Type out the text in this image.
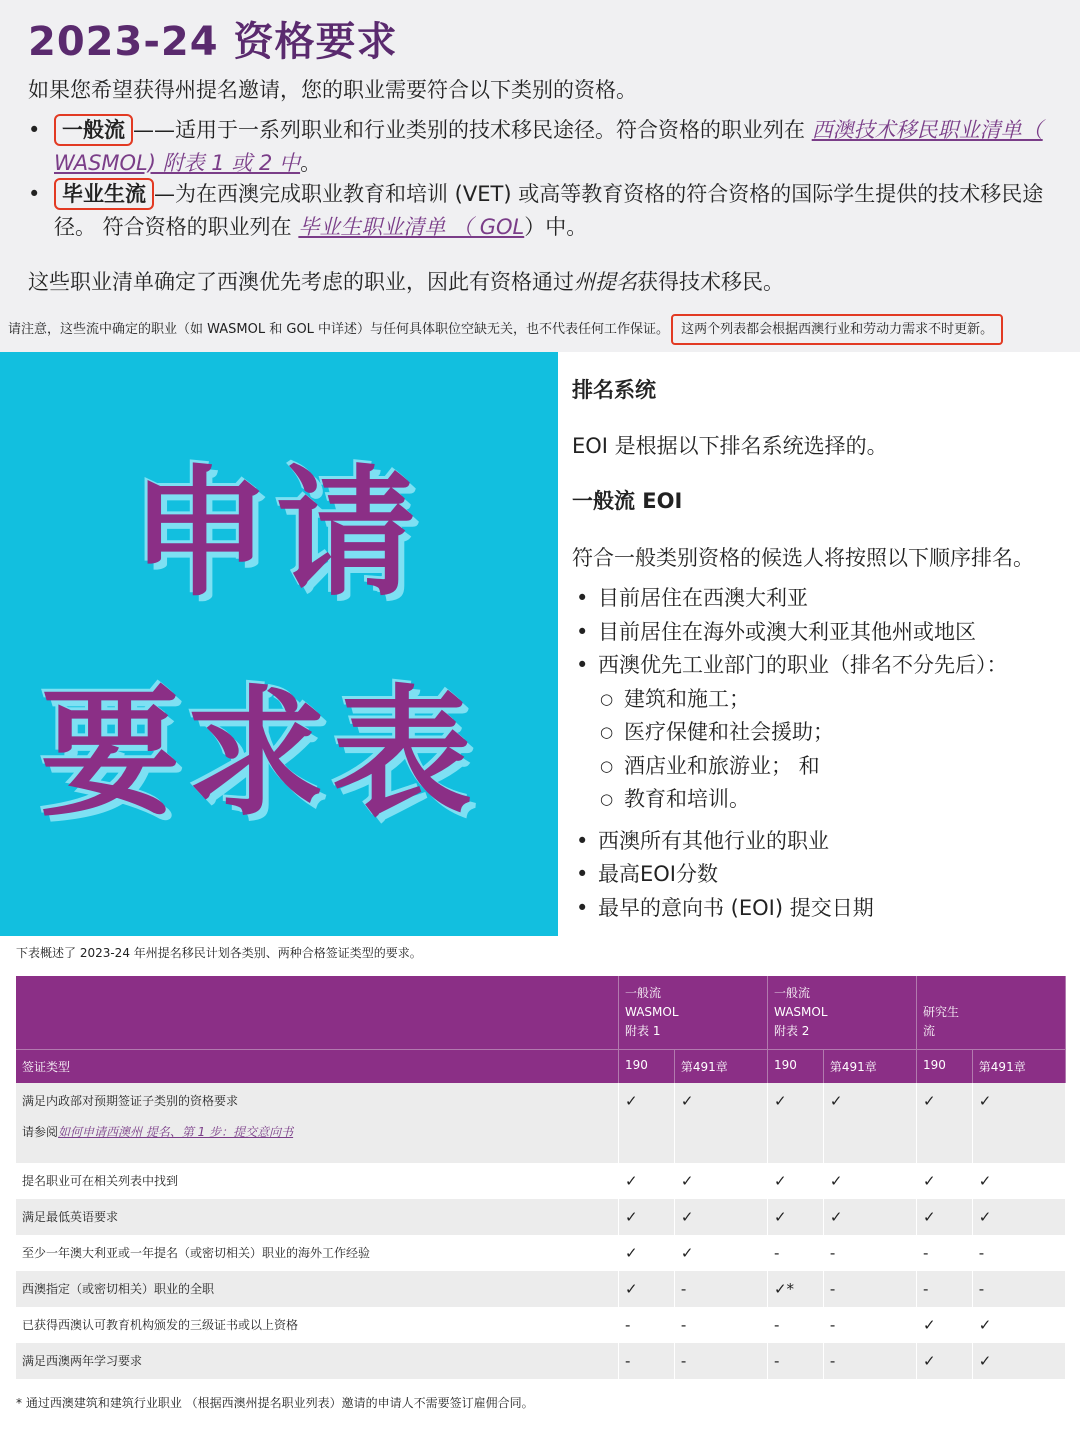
2023-24 资格要求
如果您希望获得州提名邀请，您的职业需要符合以下类别的资格。
•	一般流 ——适用于一系列职业和行业类别的技术移民途径。符合资格的职业列在 西澳技术移民职业清单（ WASMOL) 附表 1 或 2 中。
•	毕业生流 —为在西澳完成职业教育和培训 (VET) 或高等教育资格的符合资格的国际学生提供的技术移民途径。 符合资格的职业列在 毕业生职业清单 （ GOL）中。
这些职业清单确定了西澳优先考虑的职业，因此有资格通过州提名获得技术移民。
请注意，这些流中确定的职业（如 WASMOL 和 GOL 中详述）与任何具体职位空缺无关，也不代表任何工作保证。 这两个列表都会根据西澳行业和劳动力需求不时更新。
申请
要求表
排名系统
EOI 是根据以下排名系统选择的。
一般流 EOI
符合一般类别资格的候选人将按照以下顺序排名。
• 目前居住在西澳大利亚
• 目前居住在海外或澳大利亚其他州或地区
• 西澳优先工业部门的职业（排名不分先后）：
○ 建筑和施工；
○ 医疗保健和社会援助；
○ 酒店业和旅游业； 和
○ 教育和培训。
• 西澳所有其他行业的职业
• 最高EOI分数
• 最早的意向书 (EOI) 提交日期
下表概述了 2023-24 年州提名移民计划各类别、两种合格签证类型的要求。
	一般流
WASMOL
附表 1		一般流
WASMOL
附表 2		研究生
流	
签证类型	190	第491章	190	第491章	190	第491章

满足内政部对预期签证子类别的资格要求
请参阅如何申请西澳州 提名、第 1 步：提交意向书	✓	✓	✓	✓	✓	✓
提名职业可在相关列表中找到	✓	✓	✓	✓	✓	✓
满足最低英语要求	✓	✓	✓	✓	✓	✓
至少一年澳大利亚或一年提名（或密切相关）职业的海外工作经验	✓	✓	-	-	-	-
西澳指定（或密切相关）职业的全职	✓	-	✓*	-	-	-
已获得西澳认可教育机构颁发的三级证书或以上资格	-	-	-	-	✓	✓
满足西澳两年学习要求	-	-	-	-	✓	✓
* 通过西澳建筑和建筑行业职业 （根据西澳州提名职业列表）邀请的申请人不需要签订雇佣合同。
